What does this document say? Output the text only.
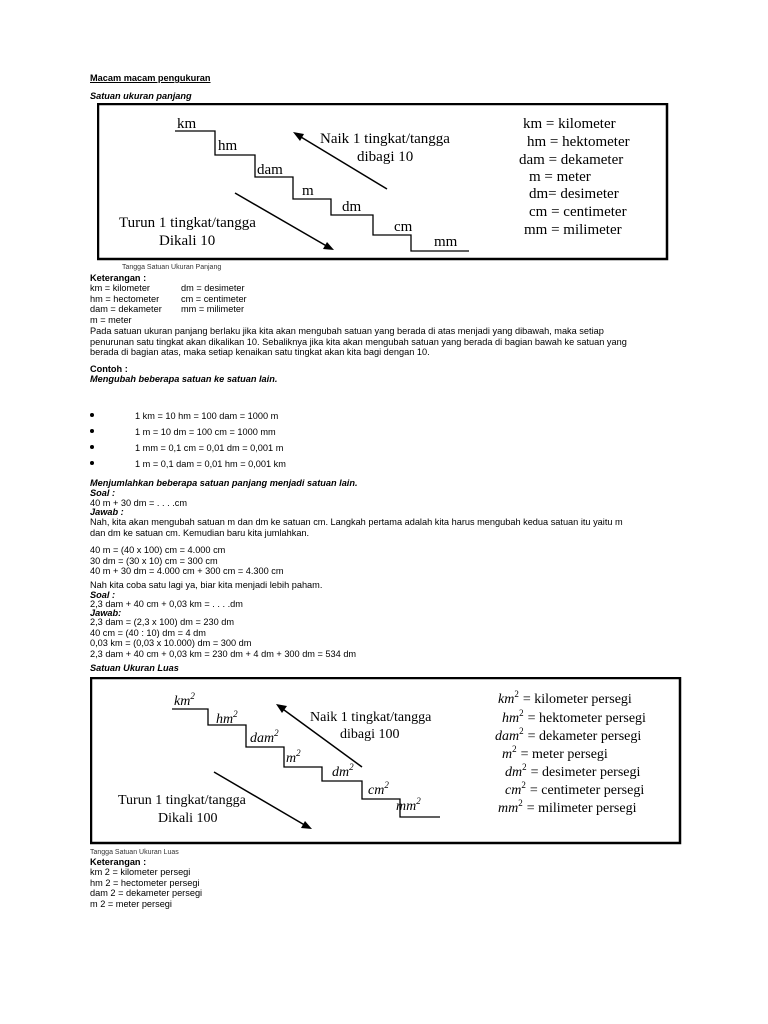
Macam macam pengukuran
Satuan ukuran panjang
km
hm
dam
m
dm
cm
mm
Naik 1 tingkat/tangga
dibagi 10
Turun 1 tingkat/tangga
Dikali 10
km = kilometer
hm = hektometer
dam = dekameter
m = meter
dm= desimeter
cm = centimeter
mm = milimeter
Tangga Satuan Ukuran Panjang
Keterangan :
km = kilometer
hm = hectometer
dam = dekameter
m = meter
dm = desimeter
cm = centimeter
mm = milimeter
Pada satuan ukuran panjang berlaku jika kita akan mengubah satuan yang berada di atas menjadi yang dibawah, maka setiap
penurunan satu tingkat akan dikalikan 10. Sebaliknya jika kita akan mengubah satuan yang berada di bagian bawah ke satuan yang
berada di bagian atas, maka setiap kenaikan satu tingkat akan kita bagi dengan 10.
Contoh :
Mengubah beberapa satuan ke satuan lain.
1 km = 10 hm = 100 dam = 1000 m
1 m = 10 dm = 100 cm = 1000 mm
1 mm = 0,1 cm = 0,01 dm = 0,001 m
1 m = 0,1 dam = 0,01 hm = 0,001 km
Menjumlahkan beberapa satuan panjang menjadi satuan lain.
Soal :
40 m + 30 dm = . . . .cm
Jawab :
Nah, kita akan mengubah satuan m dan dm ke satuan cm. Langkah pertama adalah kita harus mengubah kedua satuan itu yaitu m
dan dm ke satuan cm. Kemudian baru kita jumlahkan.
40 m = (40 x 100) cm = 4.000 cm
30 dm = (30 x 10) cm = 300 cm
40 m + 30 dm = 4.000 cm + 300 cm = 4.300 cm
Nah kita coba satu lagi ya, biar kita menjadi lebih paham.
Soal :
2,3 dam + 40 cm + 0,03 km = . . . .dm
Jawab:
2,3 dam = (2,3 x 100) dm = 230 dm
40 cm = (40 : 10) dm = 4 dm
0,03 km = (0,03 x 10.000) dm = 300 dm
2,3 dam + 40 cm + 0,03 km = 230 dm + 4 dm + 300 dm = 534 dm
Satuan Ukuran Luas
$km^2$
$hm^2$
dam$^2$
$m^2$
$dm^2$
$cm^2$
$mm^2$
Naik 1 tingkat/tangga
dibagi 100
Turun 1 tingkat/tangga
Dikali 100
$km^2$ = kilometer persegi
$hm^2$ = hektometer persegi
dam$^2$ = dekameter persegi
$m^2$ = meter persegi
$dm^2$ = desimeter persegi
$cm^2$ = centimeter persegi
$mm^2$ = milimeter persegi
Tangga Satuan Ukuran Luas
Keterangan :
km 2 = kilometer persegi
hm 2 = hectometer persegi
dam 2 = dekameter persegi
m 2 = meter persegi
